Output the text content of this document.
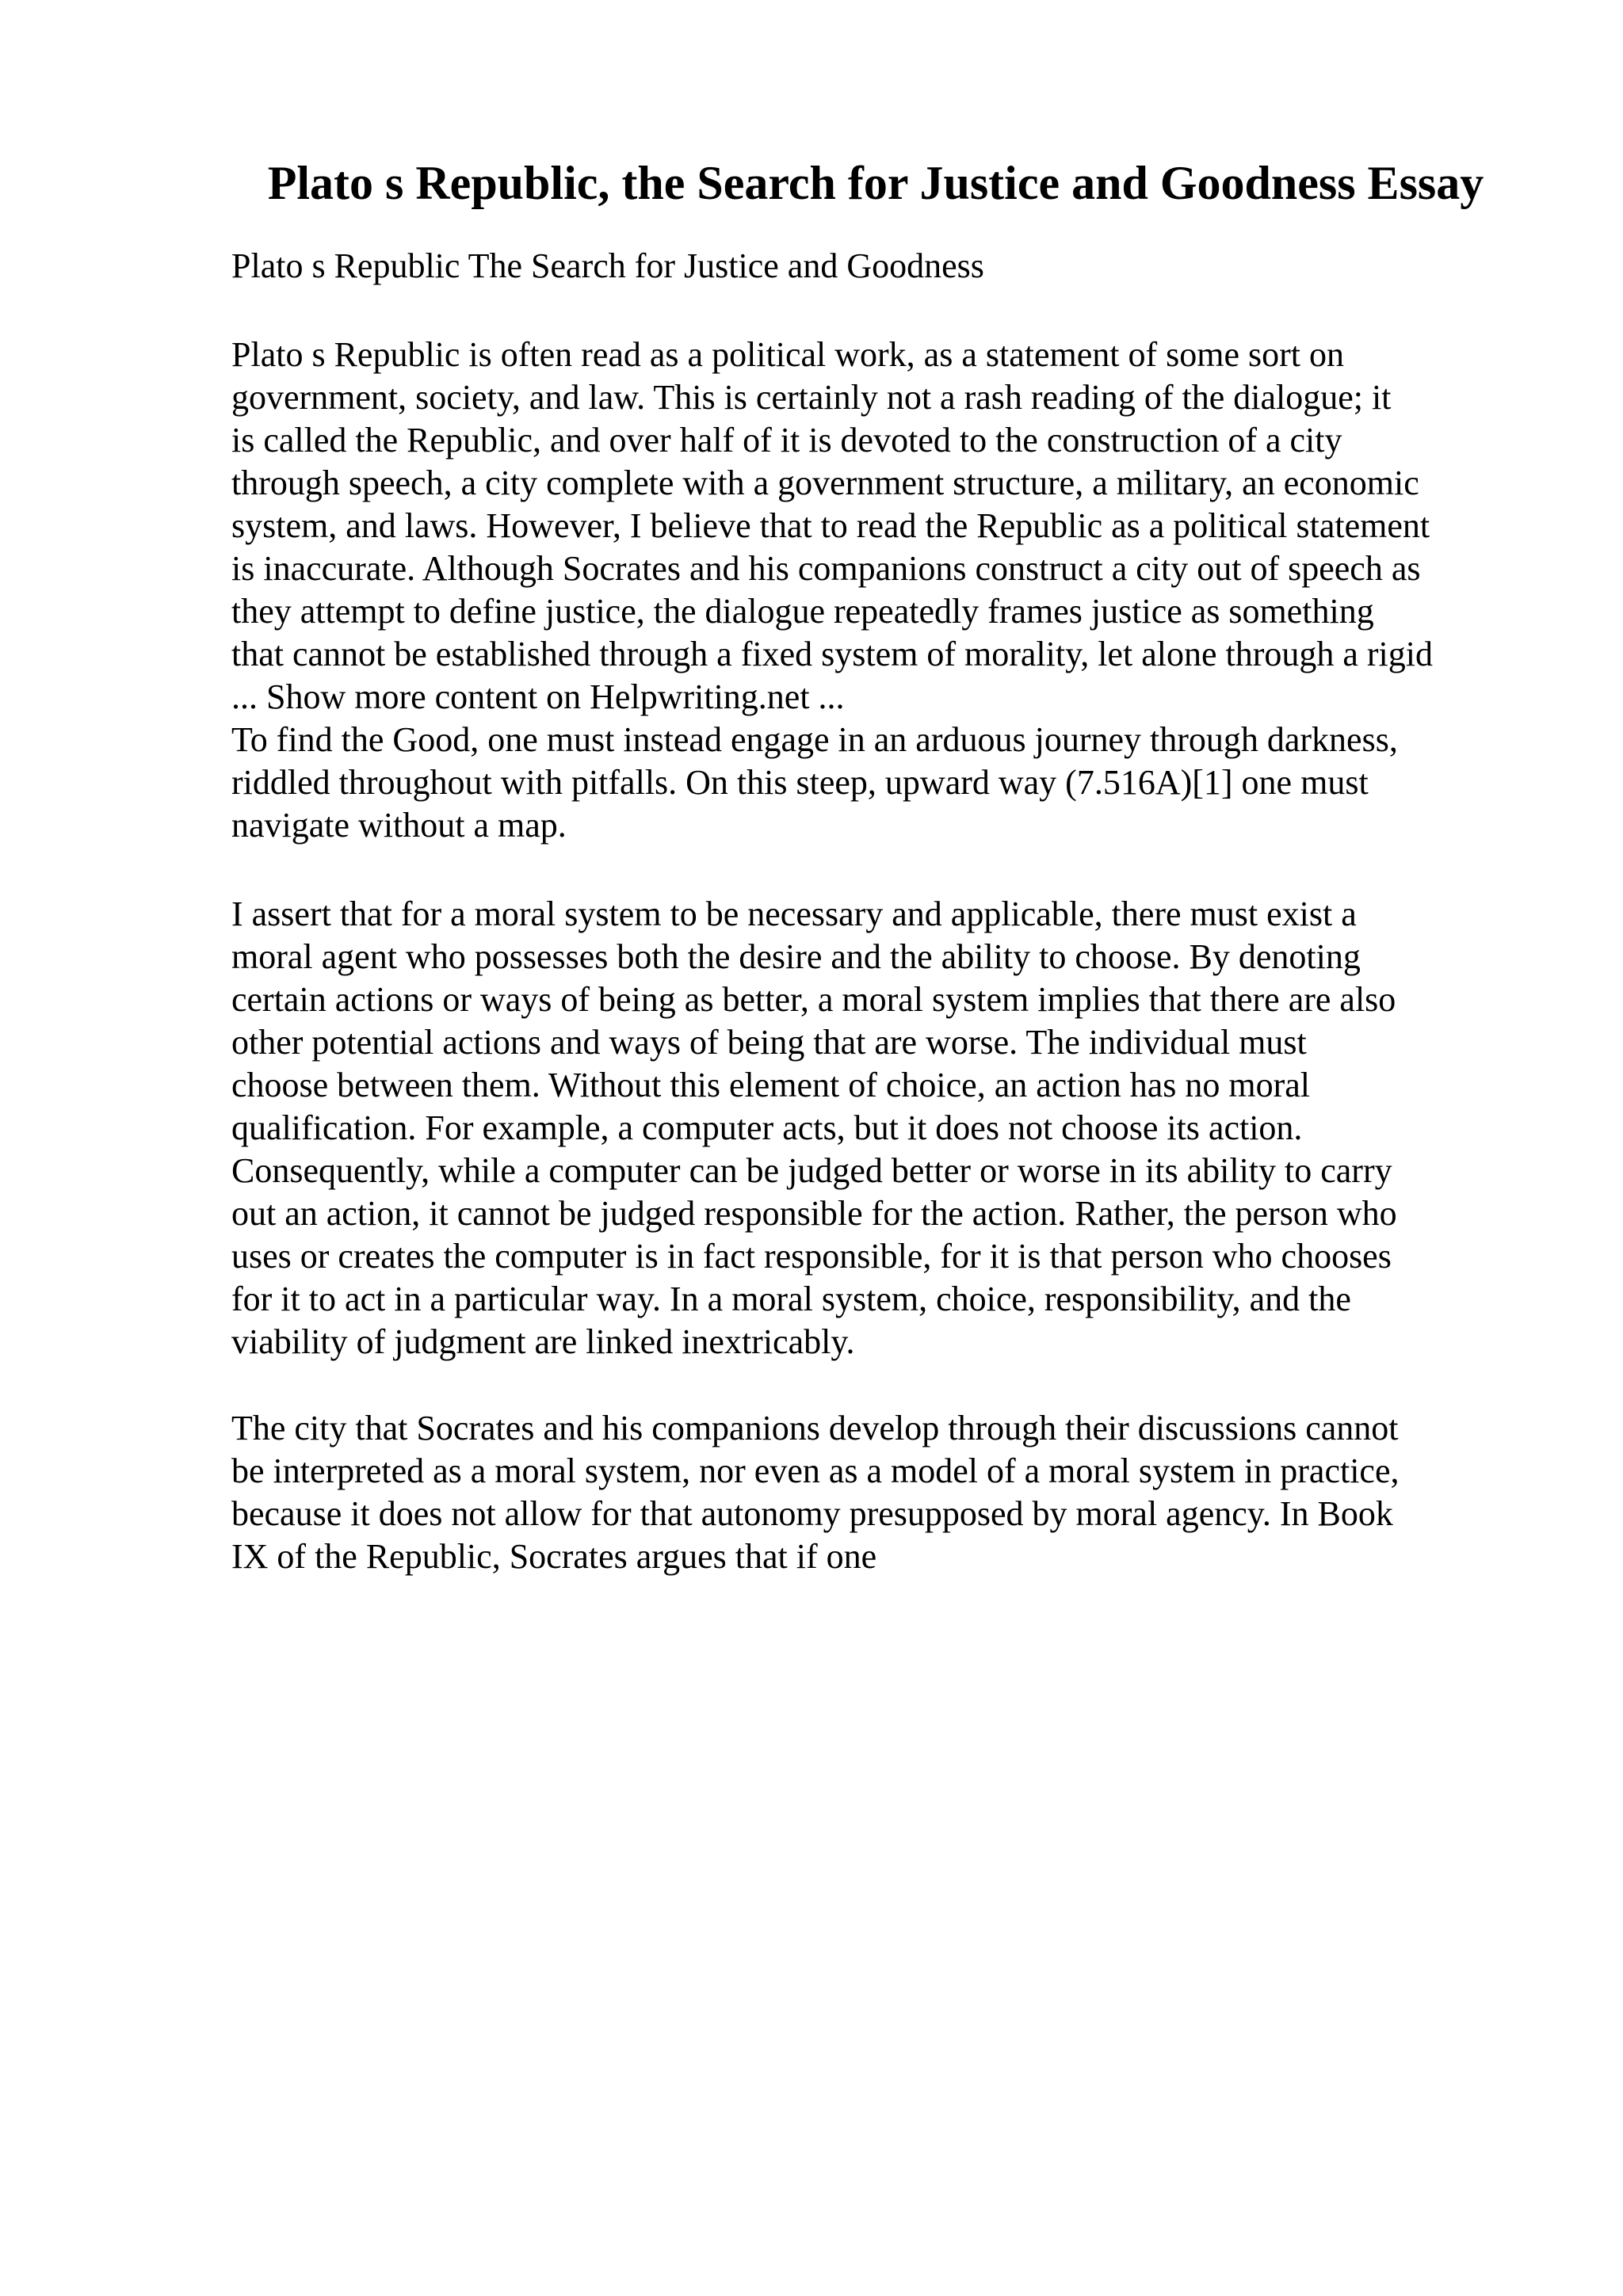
Plato s Republic, the Search for Justice and Goodness Essay

Plato s Republic The Search for Justice and Goodness

Plato s Republic is often read as a political work, as a statement of some sort on
government, society, and law. This is certainly not a rash reading of the dialogue; it
is called the Republic, and over half of it is devoted to the construction of a city
through speech, a city complete with a government structure, a military, an economic
system, and laws. However, I believe that to read the Republic as a political statement
is inaccurate. Although Socrates and his companions construct a city out of speech as
they attempt to define justice, the dialogue repeatedly frames justice as something
that cannot be established through a fixed system of morality, let alone through a rigid
... Show more content on Helpwriting.net ...
To find the Good, one must instead engage in an arduous journey through darkness,
riddled throughout with pitfalls. On this steep, upward way (7.516A)[1] one must
navigate without a map.
I assert that for a moral system to be necessary and applicable, there must exist a
moral agent who possesses both the desire and the ability to choose. By denoting
certain actions or ways of being as better, a moral system implies that there are also
other potential actions and ways of being that are worse. The individual must
choose between them. Without this element of choice, an action has no moral
qualification. For example, a computer acts, but it does not choose its action.
Consequently, while a computer can be judged better or worse in its ability to carry
out an action, it cannot be judged responsible for the action. Rather, the person who
uses or creates the computer is in fact responsible, for it is that person who chooses
for it to act in a particular way. In a moral system, choice, responsibility, and the
viability of judgment are linked inextricably.
The city that Socrates and his companions develop through their discussions cannot
be interpreted as a moral system, nor even as a model of a moral system in practice,
because it does not allow for that autonomy presupposed by moral agency. In Book
IX of the Republic, Socrates argues that if one
